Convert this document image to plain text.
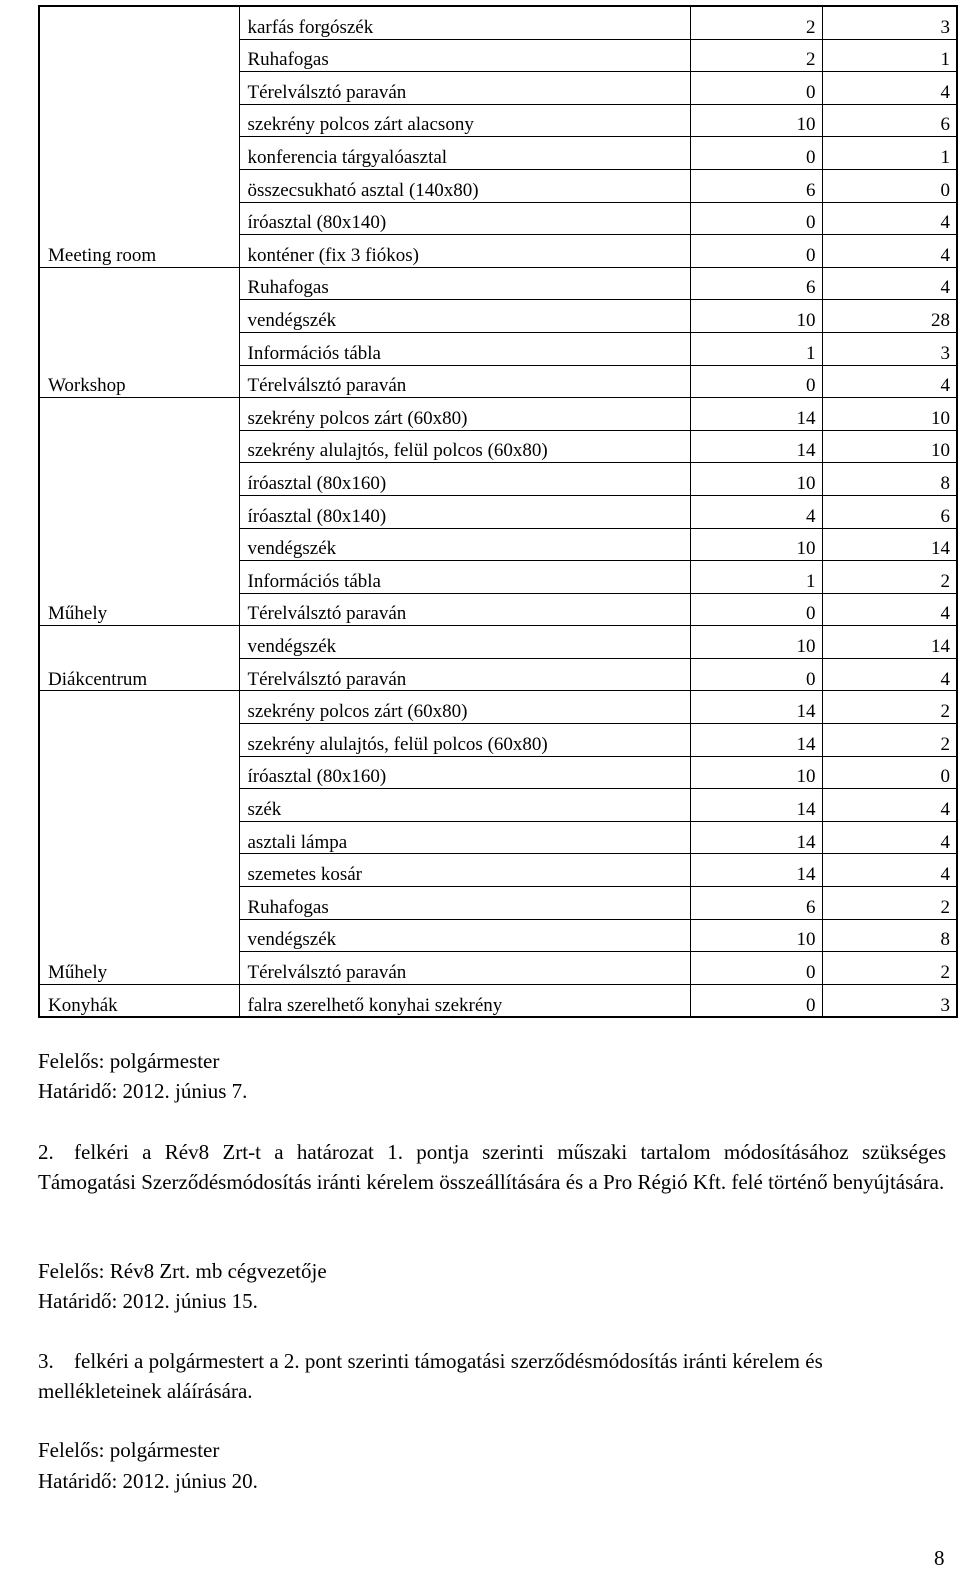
	karfás forgószék	2	3
	Ruhafogas	2	1
	Térelválsztó paraván	0	4
	szekrény polcos zárt alacsony	10	6
	konferencia tárgyalóasztal	0	1
	összecsukható asztal (140x80)	6	0
	íróasztal (80x140)	0	4
Meeting room	konténer (fix 3 fiókos)	0	4
	Ruhafogas	6	4
	vendégszék	10	28
	Információs tábla	1	3
Workshop	Térelválsztó paraván	0	4
	szekrény polcos zárt (60x80)	14	10
	szekrény alulajtós, felül polcos (60x80)	14	10
	íróasztal (80x160)	10	8
	íróasztal (80x140)	4	6
	vendégszék	10	14
	Információs tábla	1	2
Műhely	Térelválsztó paraván	0	4
	vendégszék	10	14
Diákcentrum	Térelválsztó paraván	0	4
	szekrény polcos zárt (60x80)	14	2
	szekrény alulajtós, felül polcos (60x80)	14	2
	íróasztal (80x160)	10	0
	szék	14	4
	asztali lámpa	14	4
	szemetes kosár	14	4
	Ruhafogas	6	2
	vendégszék	10	8
Műhely	Térelválsztó paraván	0	2
Konyhák	falra szerelhető konyhai szekrény	0	3
Felelős: polgármester
Határidő: 2012. június 7.
2. felkéri a Rév8 Zrt-t a határozat 1. pontja szerinti műszaki tartalom módosításához szükséges Támogatási Szerződésmódosítás iránti kérelem összeállítására és a Pro Régió Kft. felé történő benyújtására.
Felelős: Rév8 Zrt. mb cégvezetője
Határidő: 2012. június 15.
3. felkéri a polgármestert a 2. pont szerinti támogatási szerződésmódosítás iránti kérelem és mellékleteinek aláírására.
Felelős: polgármester
Határidő: 2012. június 20.
8
